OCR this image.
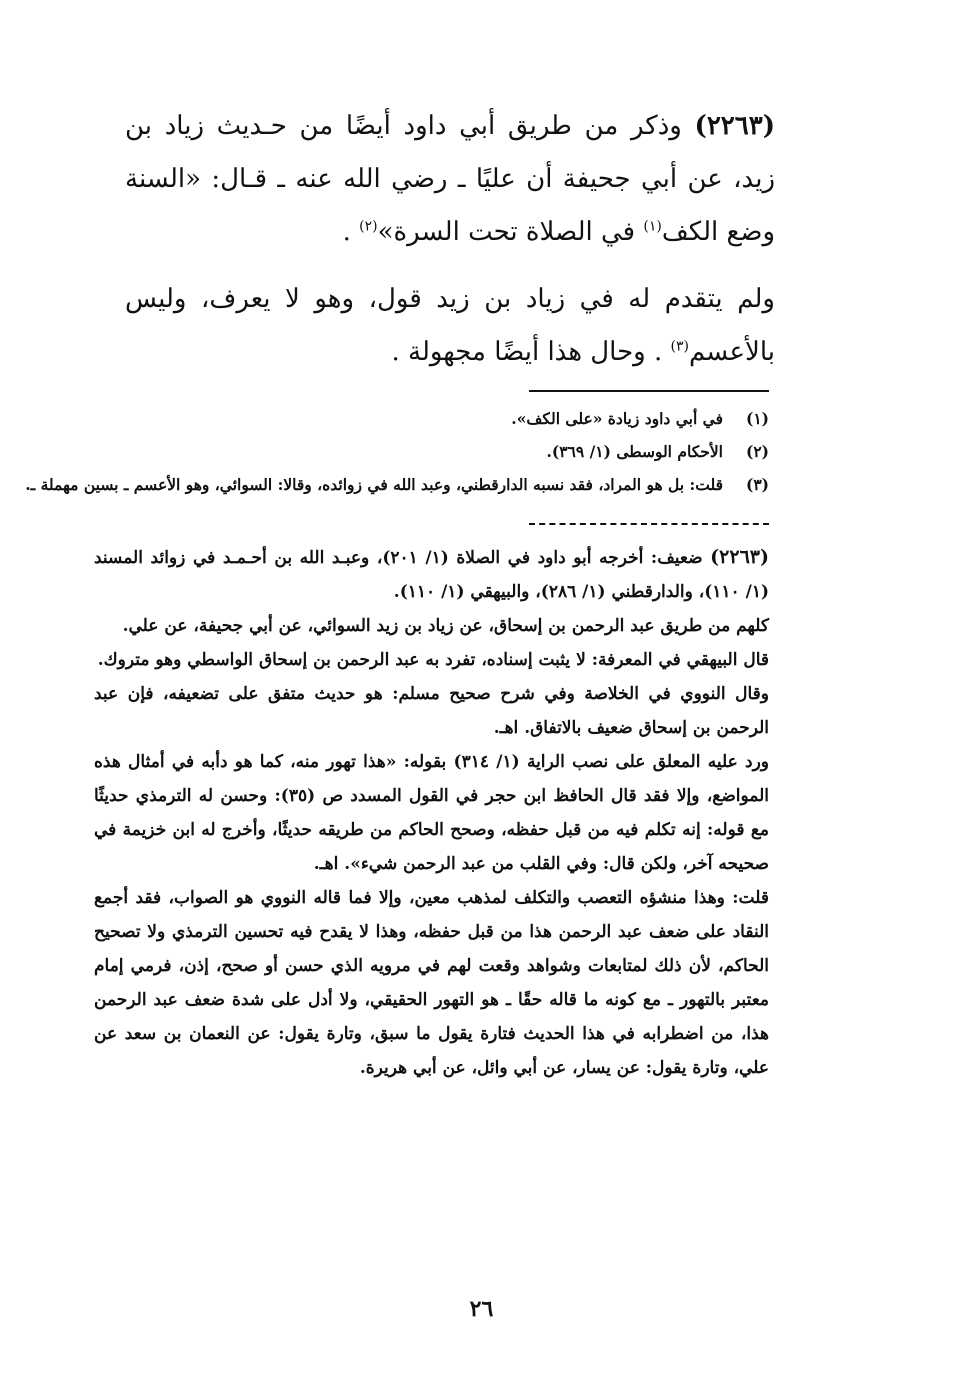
(٢٢٦٣) وذكر من طريق أبي داود أيضًا من حـديث زياد بن زيد، عن أبي جحيفة أن عليًا ـ رضي الله عنه ـ قـال: «السنة وضع الكف$^{(١)}$ في الصلاة تحت السرة»$^{(٢)}$ .

ولم يتقدم له في زياد بن زيد قول، وهو لا يعرف، وليس بالأعسم$^{(٣)}$ . وحال هذا أيضًا مجهولة .

(١)
في أبي داود زيادة «على الكف».
(٢)
الأحكام الوسطى (١/ ٣٦٩).
(٣)
قلت: بل هو المراد، فقد نسبه الدارقطني، وعبد الله في زوائده، وقالا: السوائي، وهو الأعسم ـ بسين مهملة ـ.

(٢٢٦٣) ضعيف: أخرجه أبو داود في الصلاة (١/ ٢٠١)، وعبـد الله بن أحـمـد في زوائد المسند (١/ ١١٠)، والدارقطني (١/ ٢٨٦)، والبيهقي (١/ ١١٠).

كلهم من طريق عبد الرحمن بن إسحاق، عن زياد بن زيد السوائي، عن أبي جحيفة، عن علي.

قال البيهقي في المعرفة: لا يثبت إسناده، تفرد به عبد الرحمن بن إسحاق الواسطي وهو متروك.

وقال النووي في الخلاصة وفي شرح صحيح مسلم: هو حديث متفق على تضعيفه، فإن عبد الرحمن بن إسحاق ضعيف بالاتفاق. اهـ.

ورد عليه المعلق على نصب الراية (١/ ٣١٤) بقوله: «هذا تهور منه، كما هو دأبه في أمثال هذه المواضع، وإلا فقد قال الحافظ ابن حجر في القول المسدد ص (٣٥): وحسن له الترمذي حديثًا مع قوله: إنه تكلم فيه من قبل حفظه، وصحح الحاكم من طريقه حديثًا، وأخرج له ابن خزيمة في صحيحه آخر، ولكن قال: وفي القلب من عبد الرحمن شيء». اهـ.

قلت: وهذا منشؤه التعصب والتكلف لمذهب معين، وإلا فما قاله النووي هو الصواب، فقد أجمع النقاد على ضعف عبد الرحمن هذا من قبل حفظه، وهذا لا يقدح فيه تحسين الترمذي ولا تصحيح الحاكم، لأن ذلك لمتابعات وشواهد وقعت لهم في مرويه الذي حسن أو صحح، إذن، فرمي إمام معتبر بالتهور ـ مع كونه ما قاله حقًا ـ هو التهور الحقيقي، ولا أدل على شدة ضعف عبد الرحمن هذا، من اضطرابه في هذا الحديث فتارة يقول ما سبق، وتارة يقول: عن النعمان بن سعد عن علي، وتارة يقول: عن يسار، عن أبي وائل، عن أبي هريرة.

٢٦
